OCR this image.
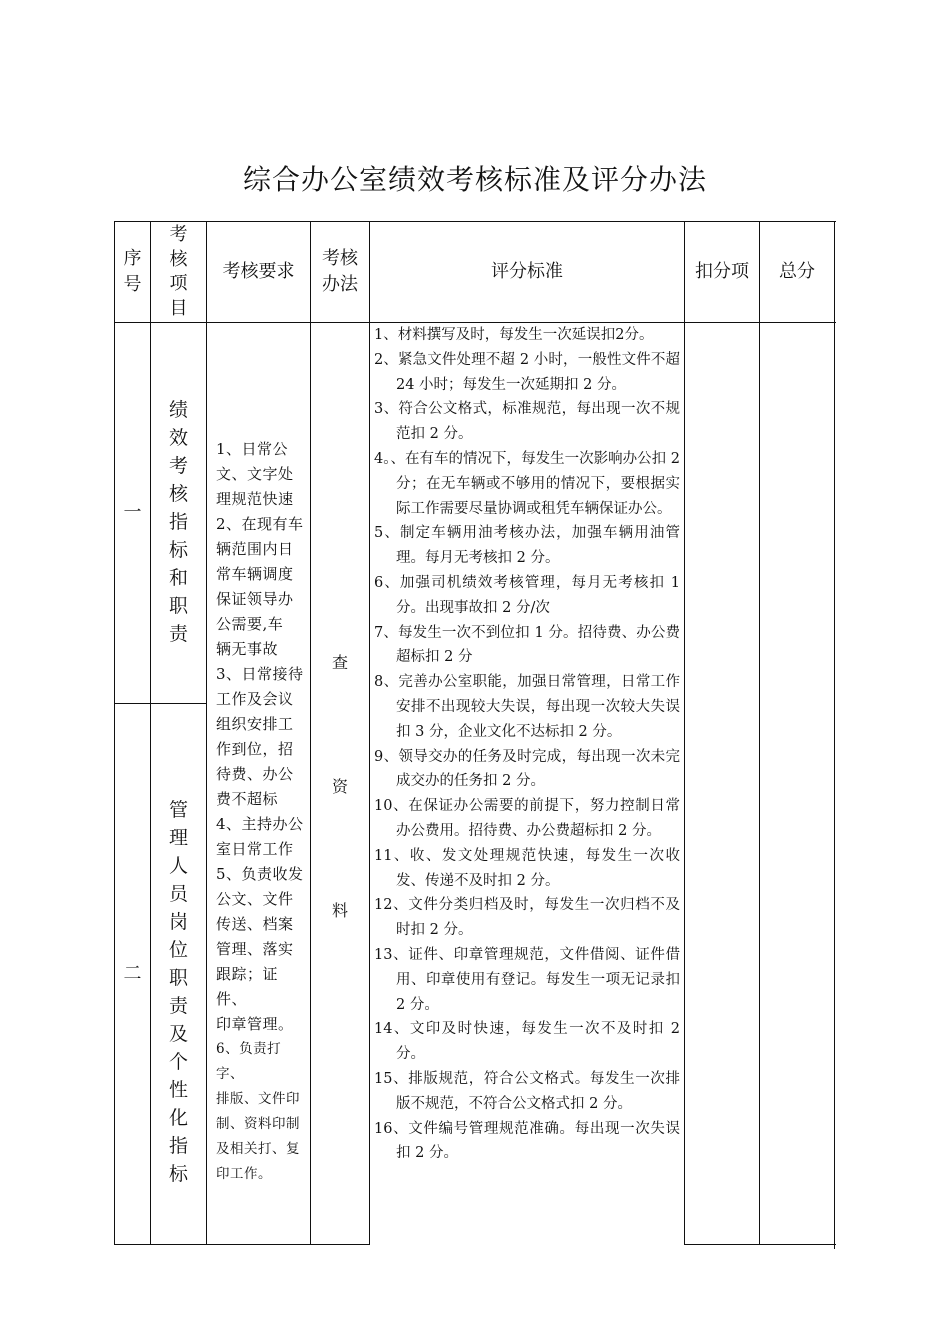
综合办公室绩效考核标准及评分办法
序
号
考
核
项
目
考核要求
考核
办法
评分标准	扣分项	总分
一
二
绩
效
考
核
指
标
和
职
责
管
理
人
员
岗
位
职
责
及
个
性
化
指
标
1、日常公
文、文字处
理规范快速
2、在现有车
辆范围内日
常车辆调度
保证领导办
公需要,车
辆无事故
3、日常接待
工作及会议
组织安排工
作到位，招
待费、办公
费不超标
4、主持办公
室日常工作
5、负责收发
公文、文件
传送、档案
管理、落实
跟踪；证件、
印章管理。
6、负责打字、
排版、文件印
制、资料印制
及相关打、复
印工作。
查
资
料
1、材料撰写及时，每发生一次延误扣2分。
2、紧急文件处理不超 2 小时，一般性文件不超 24 小时；每发生一次延期扣 2 分。
3、符合公文格式，标准规范，每出现一次不规范扣 2 分。
4。、在有车的情况下，每发生一次影响办公扣 2 分；在无车辆或不够用的情况下，要根据实际工作需要尽量协调或租凭车辆保证办公。
5、制定车辆用油考核办法，加强车辆用油管理。每月无考核扣 2 分。
6、加强司机绩效考核管理，每月无考核扣 1 分。出现事故扣 2 分/次
7、每发生一次不到位扣 1 分。招待费、办公费超标扣 2 分
8、完善办公室职能，加强日常管理，日常工作安排不出现较大失误，每出现一次较大失误扣 3 分，企业文化不达标扣 2 分。
9、领导交办的任务及时完成，每出现一次未完成交办的任务扣 2 分。
10、在保证办公需要的前提下，努力控制日常办公费用。招待费、办公费超标扣 2 分。
11、收、发文处理规范快速，每发生一次收发、传递不及时扣 2 分。
12、文件分类归档及时，每发生一次归档不及时扣 2 分。
13、证件、印章管理规范，文件借阅、证件借用、印章使用有登记。每发生一项无记录扣 2 分。
14、文印及时快速，每发生一次不及时扣 2 分。
15、排版规范，符合公文格式。每发生一次排版不规范，不符合公文格式扣 2 分。
16、文件编号管理规范准确。每出现一次失误扣 2 分。
